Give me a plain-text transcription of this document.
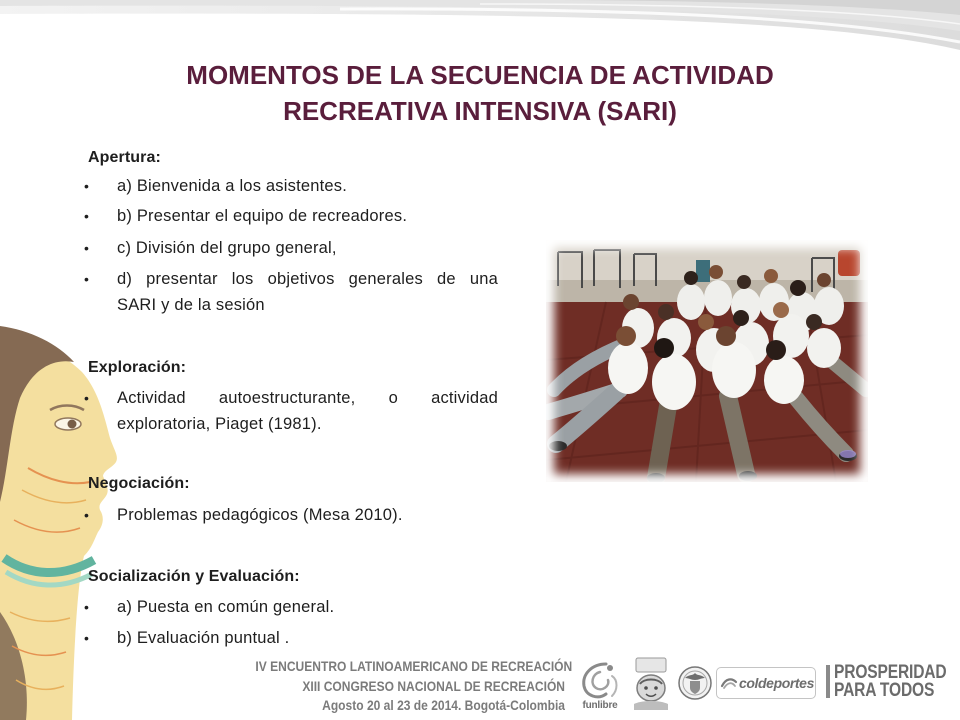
MOMENTOS DE LA SECUENCIA DE ACTIVIDAD
RECREATIVA INTENSIVA (SARI)
Apertura:
• a) Bienvenida a los asistentes.
• b) Presentar el equipo de recreadores.
• c) División del grupo general,
• d) presentar los objetivos generales de una
SARI y de la sesión
Exploración:
• Actividad autoestructurante, o actividad
exploratoria, Piaget (1981).
Negociación:
• Problemas pedagógicos (Mesa 2010).
Socialización y Evaluación:
• a) Puesta en común general.
• b) Evaluación puntual .
IV ENCUENTRO LATINOAMERICANO DE RECREACIÓN
XIII CONGRESO NACIONAL DE RECREACIÓN
Agosto 20 al 23 de 2014. Bogotá-Colombia	funlibre
coldeportes PROSPERIDAD
PARA TODOS
